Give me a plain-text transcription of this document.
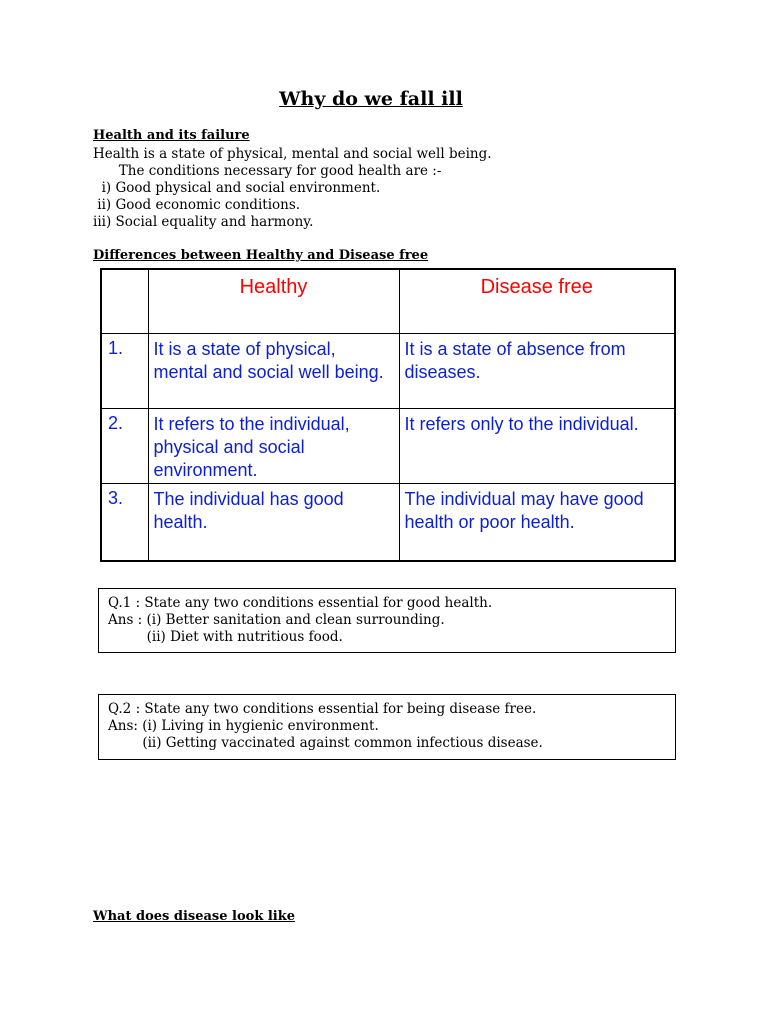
Why do we fall ill
Health and its failure
Health is a state of physical, mental and social well being.
The conditions necessary for good health are :-
i) Good physical and social environment.
ii) Good economic conditions.
iii) Social equality and harmony.
Differences between Healthy and Disease free
	Healthy	Disease free
1.	It is a state of physical, mental and social well being.	It is a state of absence from diseases.
2.	It refers to the individual, physical and social environment.	It refers only to the individual.
3.	The individual has good health.	The individual may have good health or poor health.
Q.1 : State any two conditions essential for good health.
Ans : (i) Better sanitation and clean surrounding.
(ii) Diet with nutritious food.
Q.2 : State any two conditions essential for being disease free.
Ans: (i) Living in hygienic environment.
(ii) Getting vaccinated against common infectious disease.
What does disease look like
